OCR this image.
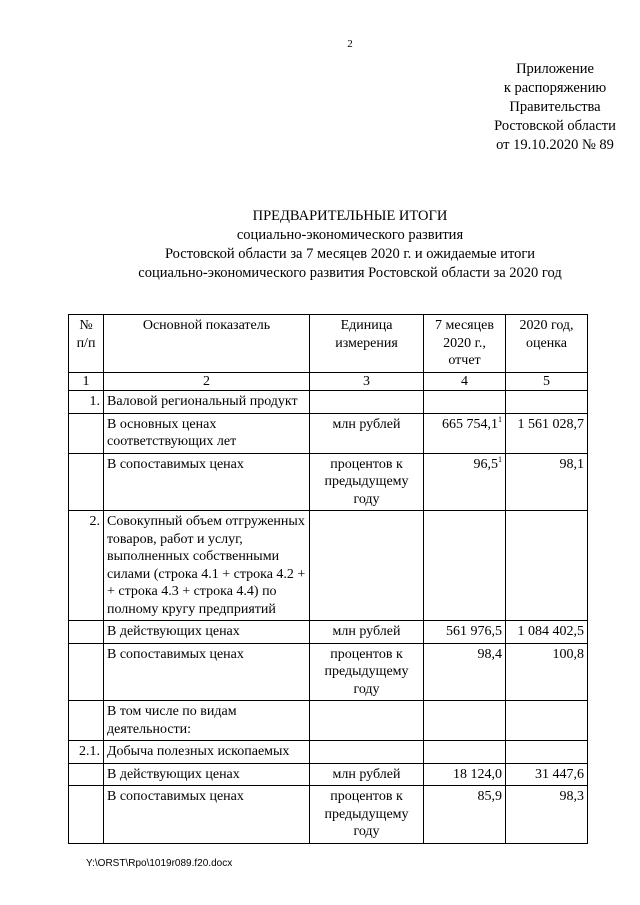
2
Приложение
к распоряжению
Правительства
Ростовской области
от 19.10.2020 № 89
ПРЕДВАРИТЕЛЬНЫЕ ИТОГИ
социально-экономического развития
Ростовской области за 7 месяцев 2020 г. и ожидаемые итоги
социально-экономического развития Ростовской области за 2020 год
№ п/п	Основной показатель	Единица измерения	7 месяцев 2020 г., отчет	2020 год, оценка
1	2	3	4	5
1.	Валовой региональный продукт			
	В основных ценах соответствующих лет	млн рублей	665 754,1$^1$	1 561 028,7
	В сопоставимых ценах	процентов к предыдущему году	96,5$^1$	98,1
2.	Совокупный объем отгруженных товаров, работ и услуг, выполненных собственными силами (строка 4.1 + строка 4.2 + + строка 4.3 + строка 4.4) по полному кругу предприятий			
	В действующих ценах	млн рублей	561 976,5	1 084 402,5
	В сопоставимых ценах	процентов к предыдущему году	98,4	100,8
	В том числе по видам деятельности:			
2.1.	Добыча полезных ископаемых			
	В действующих ценах	млн рублей	18 124,0	31 447,6
	В сопоставимых ценах	процентов к предыдущему году	85,9	98,3
Y:\ORST\Rpo\1019r089.f20.docx
